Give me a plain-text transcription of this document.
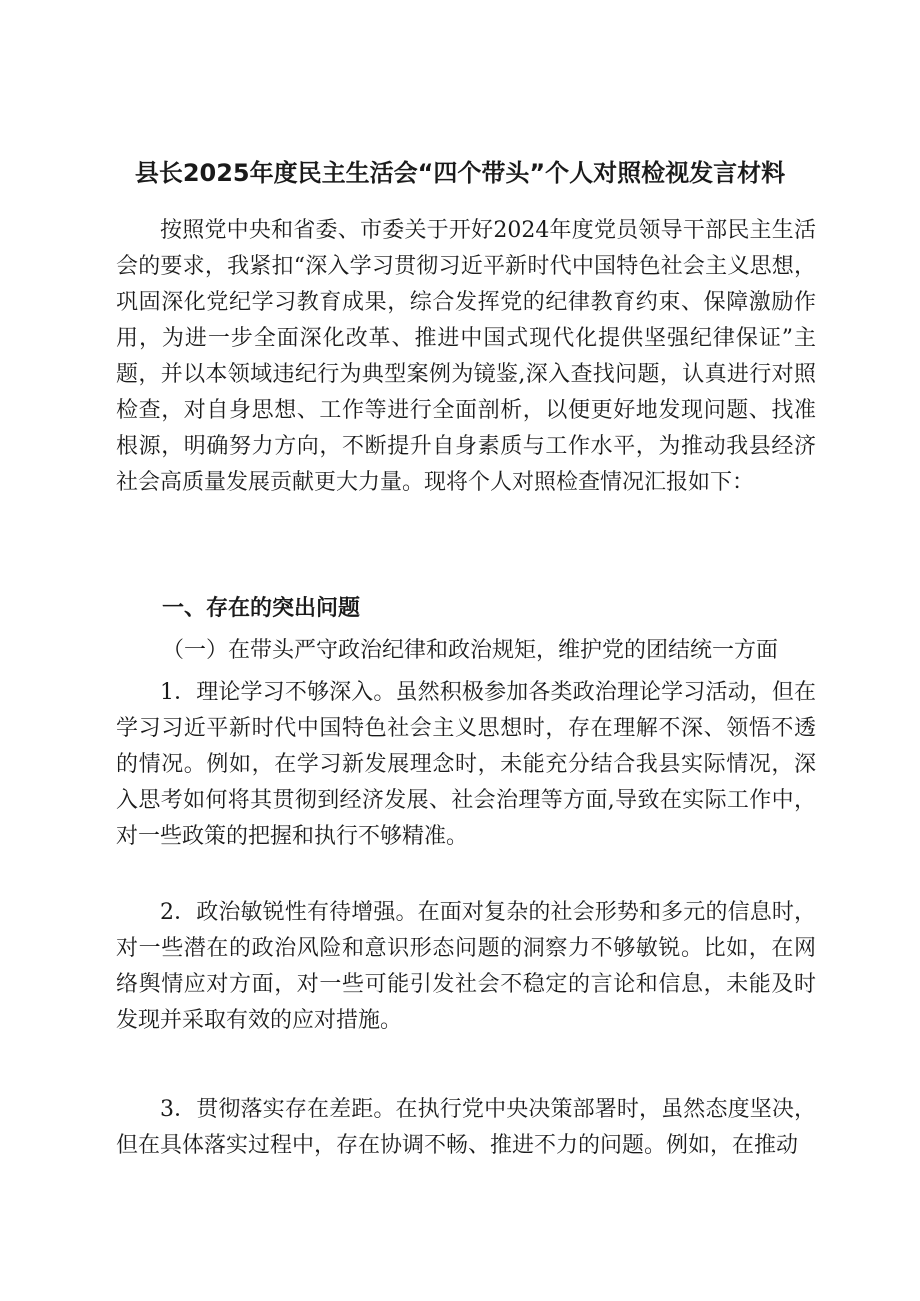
县长2025年度民主生活会“四个带头”个人对照检视发言材料

按照党中央和省委、市委关于开好2024年度党员领导干部民主生活会的要求，我紧扣“深入学习贯彻习近平新时代中国特色社会主义思想，巩固深化党纪学习教育成果，综合发挥党的纪律教育约束、保障激励作用，为进一步全面深化改革、推进中国式现代化提供坚强纪律保证”主题，并以本领域违纪行为典型案例为镜鉴,深入查找问题，认真进行对照检查，对自身思想、工作等进行全面剖析，以便更好地发现问题、找准根源，明确努力方向，不断提升自身素质与工作水平，为推动我县经济社会高质量发展贡献更大力量。现将个人对照检查情况汇报如下：

一、存在的突出问题

（一）在带头严守政治纪律和政治规矩，维护党的团结统一方面

1．理论学习不够深入。虽然积极参加各类政治理论学习活动，但在学习习近平新时代中国特色社会主义思想时，存在理解不深、领悟不透的情况。例如，在学习新发展理念时，未能充分结合我县实际情况，深入思考如何将其贯彻到经济发展、社会治理等方面,导致在实际工作中，对一些政策的把握和执行不够精准。

2．政治敏锐性有待增强。在面对复杂的社会形势和多元的信息时，对一些潜在的政治风险和意识形态问题的洞察力不够敏锐。比如，在网络舆情应对方面，对一些可能引发社会不稳定的言论和信息，未能及时发现并采取有效的应对措施。

3．贯彻落实存在差距。在执行党中央决策部署时，虽然态度坚决，但在具体落实过程中，存在协调不畅、推进不力的问题。例如，在推动
